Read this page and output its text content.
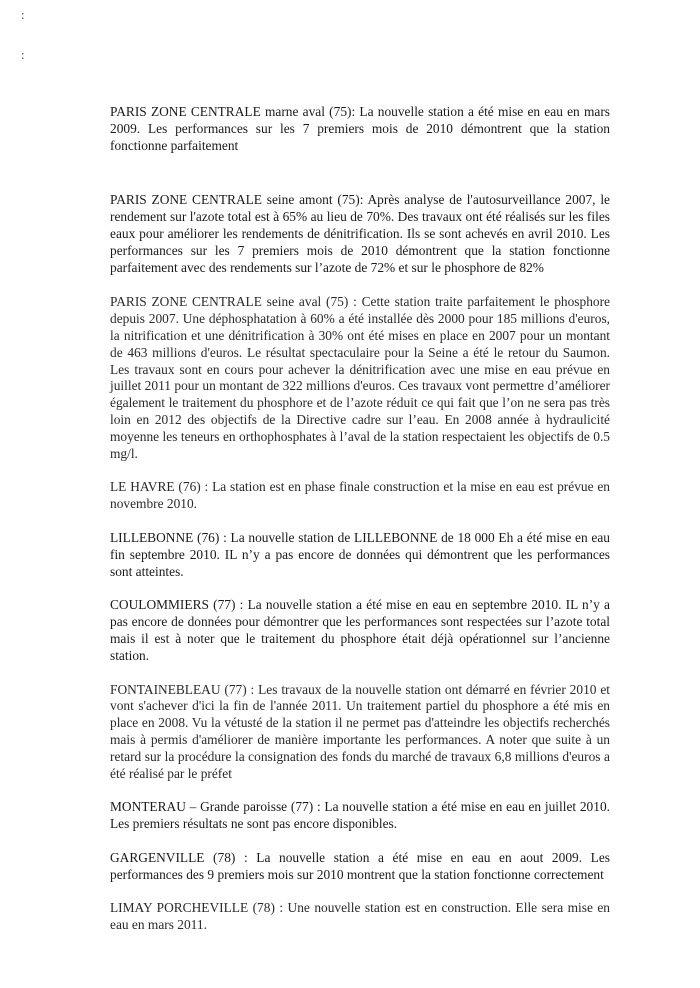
:
:

PARIS ZONE CENTRALE marne aval (75): La nouvelle station a été mise en eau en mars 2009. Les performances sur les 7 premiers mois de 2010 démontrent que la station fonctionne parfaitement

PARIS ZONE CENTRALE seine amont (75): Après analyse de l'autosurveillance 2007, le rendement sur l'azote total est à 65% au lieu de 70%. Des travaux ont été réalisés sur les files eaux pour améliorer les rendements de dénitrification. Ils se sont achevés en avril 2010. Les performances sur les 7 premiers mois de 2010 démontrent que la station fonctionne parfaitement avec des rendements sur l’azote de 72% et sur le phosphore de 82%

PARIS ZONE CENTRALE seine aval (75) : Cette station traite parfaitement le phosphore depuis 2007. Une déphosphatation à 60% a été installée dès 2000 pour 185 millions d'euros, la nitrification et une dénitrification à 30% ont été mises en place en 2007 pour un montant de 463 millions d'euros. Le résultat spectaculaire pour la Seine a été le retour du Saumon. Les travaux sont en cours pour achever la dénitrification avec une mise en eau prévue en juillet 2011 pour un montant de 322 millions d'euros. Ces travaux vont permettre d’améliorer également le traitement du phosphore et de l’azote réduit ce qui fait que l’on ne sera pas très loin en 2012 des objectifs de la Directive cadre sur l’eau. En 2008 année à hydraulicité moyenne les teneurs en orthophosphates à l’aval de la station respectaient les objectifs de 0.5 mg/l.

LE HAVRE (76) : La station est en phase finale construction et la mise en eau est prévue en novembre 2010.

LILLEBONNE (76) : La nouvelle station de LILLEBONNE de 18 000 Eh a été mise en eau fin septembre 2010. IL n’y a pas encore de données qui démontrent que les performances sont atteintes.

COULOMMIERS (77) : La nouvelle station a été mise en eau en septembre 2010. IL n’y a pas encore de données pour démontrer que les performances sont respectées sur l’azote total mais il est à noter que le traitement du phosphore était déjà opérationnel sur l’ancienne station.

FONTAINEBLEAU (77) : Les travaux de la nouvelle station ont démarré en février 2010 et vont s'achever d'ici la fin de l'année 2011. Un traitement partiel du phosphore a été mis en place en 2008. Vu la vétusté de la station il ne permet pas d'atteindre les objectifs recherchés mais à permis d'améliorer de manière importante les performances. A noter que suite à un retard sur la procédure la consignation des fonds du marché de travaux 6,8 millions d'euros a été réalisé par le préfet

MONTERAU – Grande paroisse (77) : La nouvelle station a été mise en eau en juillet 2010. Les premiers résultats ne sont pas encore disponibles.

GARGENVILLE (78) : La nouvelle station a été mise en eau en aout 2009. Les performances des 9 premiers mois sur 2010 montrent que la station fonctionne correctement

LIMAY PORCHEVILLE (78) : Une nouvelle station est en construction. Elle sera mise en eau en mars 2011.
